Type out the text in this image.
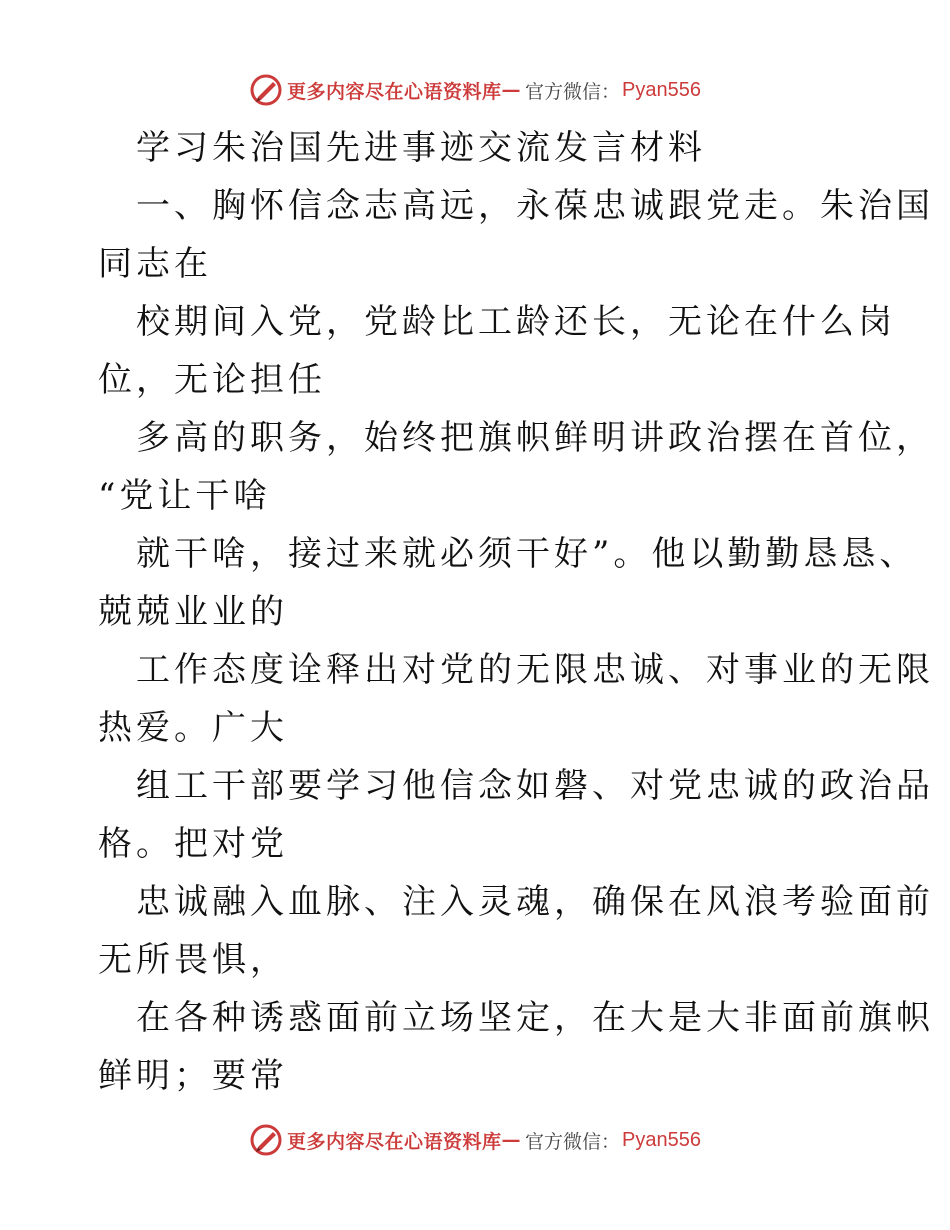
更多内容尽在心语资料库 — 官方微信： Pyan556
学习朱治国先进事迹交流发言材料
一、胸怀信念志高远，永葆忠诚跟党走。朱治国
同志在
校期间入党，党龄比工龄还长，无论在什么岗
位，无论担任
多高的职务，始终把旗帜鲜明讲政治摆在首位，
“党让干啥
就干啥，接过来就必须干好”。他以勤勤恳恳、
兢兢业业的
工作态度诠释出对党的无限忠诚、对事业的无限
热爱。广大
组工干部要学习他信念如磐、对党忠诚的政治品
格。把对党
忠诚融入血脉、注入灵魂，确保在风浪考验面前
无所畏惧，
在各种诱惑面前立场坚定，在大是大非面前旗帜
鲜明；要常
更多内容尽在心语资料库 — 官方微信： Pyan556
